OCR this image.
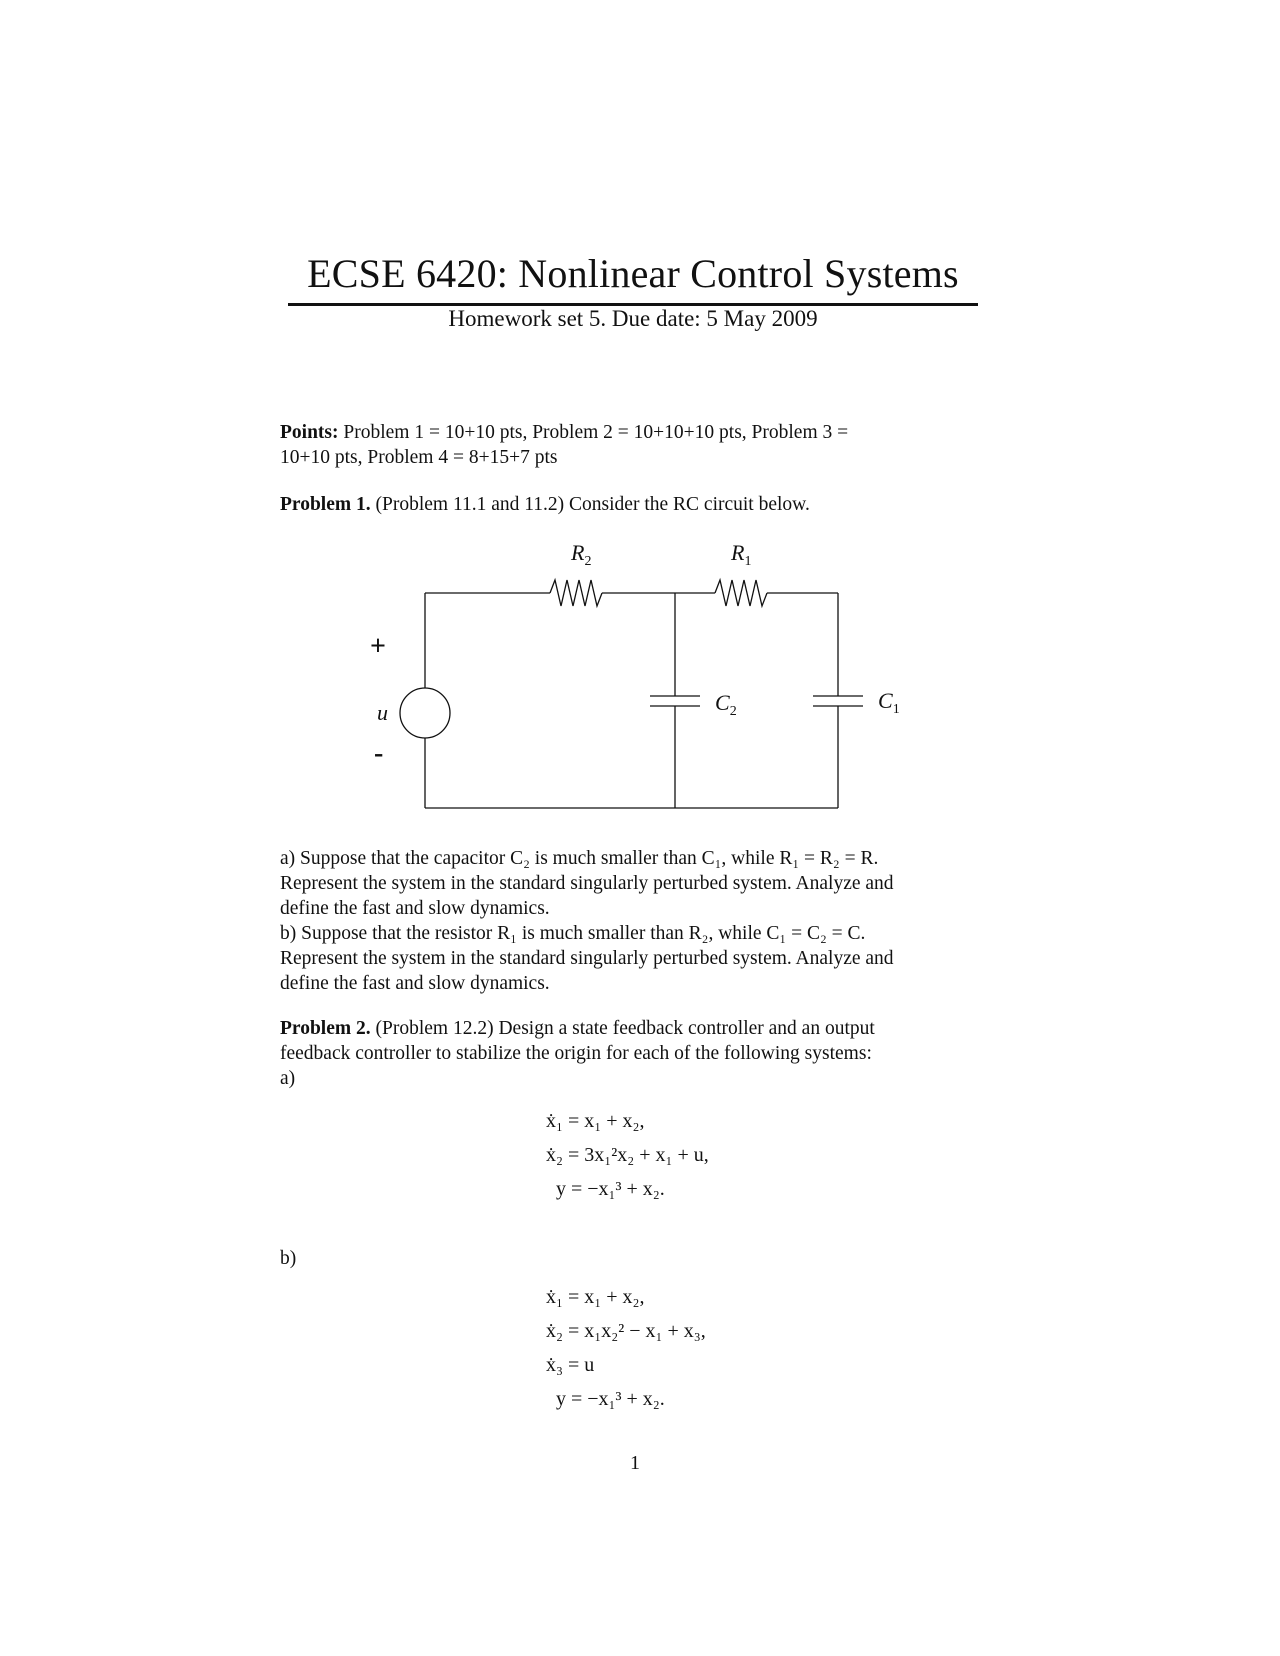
ECSE 6420: Nonlinear Control Systems
Homework set 5. Due date: 5 May 2009
Points: Problem 1 = 10+10 pts, Problem 2 = 10+10+10 pts, Problem 3 =
10+10 pts, Problem 4 = 8+15+7 pts
Problem 1. (Problem 11.1 and 11.2) Consider the RC circuit below.
$R_2$	$R_1$
$C_2$	$C_1$
+
u
-
a) Suppose that the capacitor C₂ is much smaller than C₁, while R₁ = R₂ = R.
Represent the system in the standard singularly perturbed system. Analyze and
define the fast and slow dynamics.
b) Suppose that the resistor R₁ is much smaller than R₂, while C₁ = C₂ = C.
Represent the system in the standard singularly perturbed system. Analyze and
define the fast and slow dynamics.
Problem 2. (Problem 12.2) Design a state feedback controller and an output
feedback controller to stabilize the origin for each of the following systems:
a)
ẋ₁ = x₁ + x₂,
ẋ₂ = 3x₁²x₂ + x₁ + u,
y = −x₁³ + x₂.
b)
ẋ₁ = x₁ + x₂,
ẋ₂ = x₁x₂² − x₁ + x₃,
ẋ₃ = u
y = −x₁³ + x₂.
1
